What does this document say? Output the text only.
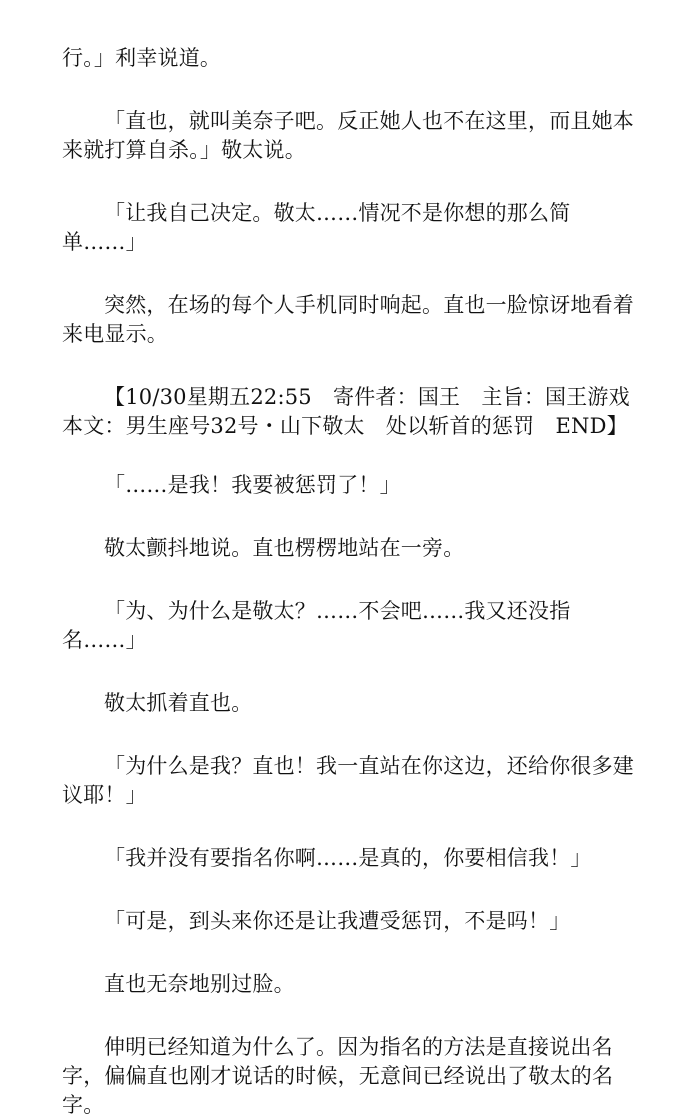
行。」利幸说道。

「直也，就叫美奈子吧。反正她人也不在这里，而且她本来就打算自杀。」敬太说。

「让我自己决定。敬太……情况不是你想的那么简单……」

突然，在场的每个人手机同时响起。直也一脸惊讶地看着来电显示。

【10/30星期五22:55　寄件者：国王　主旨：国王游戏　本文：男生座号32号・山下敬太　处以斩首的惩罚　END】

「……是我！我要被惩罚了！」

敬太颤抖地说。直也楞楞地站在一旁。

「为、为什么是敬太？……不会吧……我又还没指名……」

敬太抓着直也。

「为什么是我？直也！我一直站在你这边，还给你很多建议耶！」

「我并没有要指名你啊……是真的，你要相信我！」

「可是，到头来你还是让我遭受惩罚，不是吗！」

直也无奈地别过脸。

伸明已经知道为什么了。因为指名的方法是直接说出名字，偏偏直也刚才说话的时候，无意间已经说出了敬太的名字。
